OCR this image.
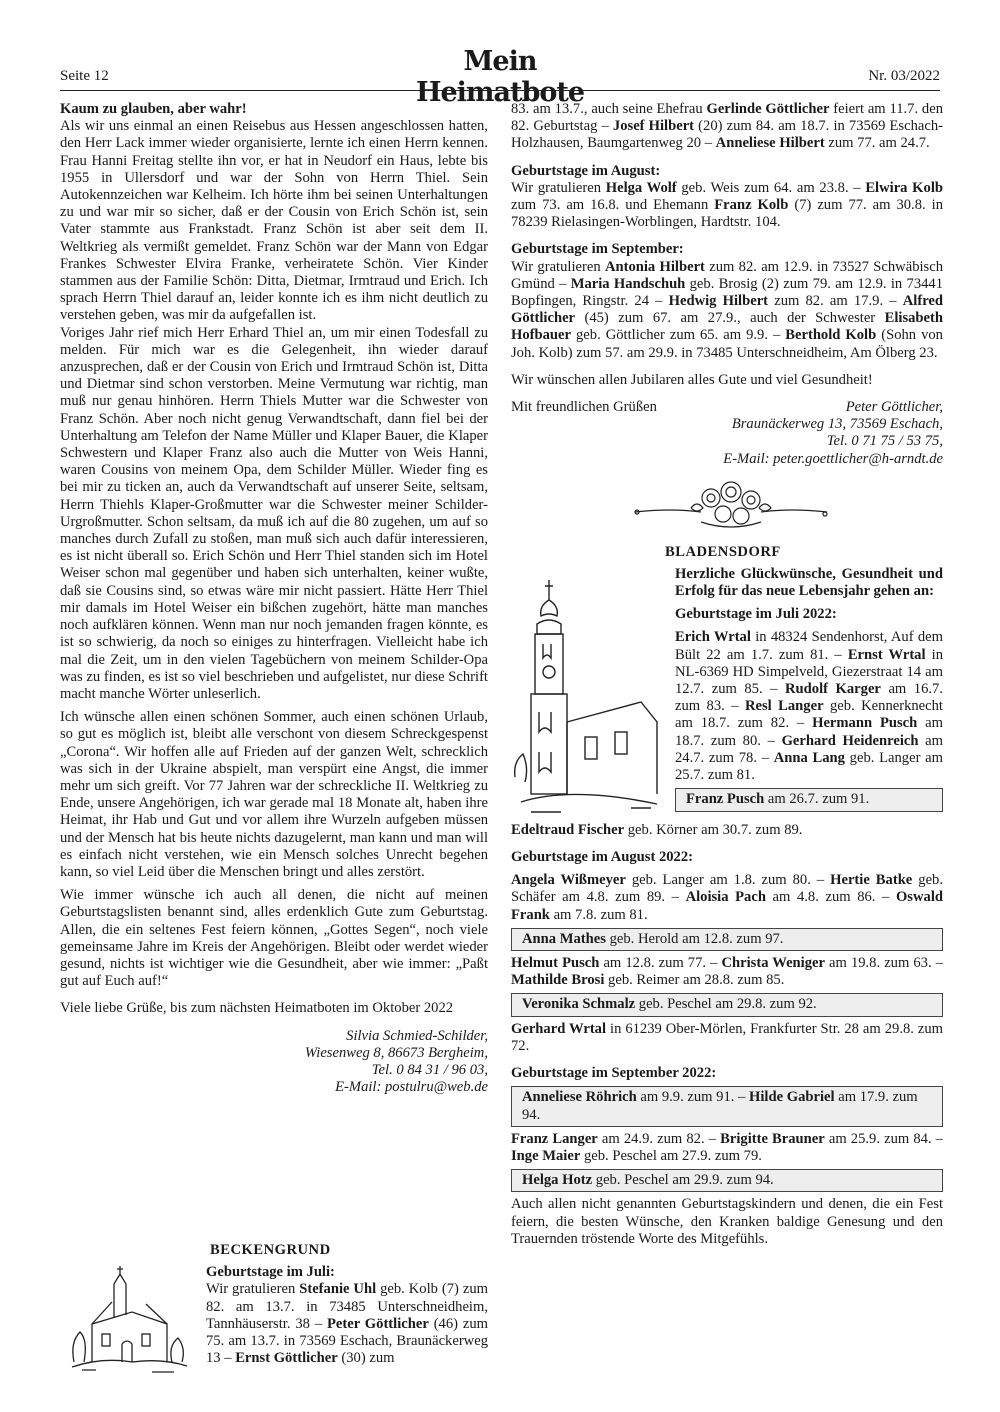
Seite 12	Mein Heimatbote
Nr. 03/2022
Kaum zu glauben, aber wahr!

Als wir uns einmal an einen Reisebus aus Hessen angeschlossen hatten, den Herr Lack immer wieder organisierte, lernte ich einen Herrn kennen. Frau Hanni Freitag stellte ihn vor, er hat in Neudorf ein Haus, lebte bis 1955 in Ullersdorf und war der Sohn von Herrn Thiel. Sein Autokennzeichen war Kelheim. Ich hörte ihm bei seinen Unterhaltungen zu und war mir so sicher, daß er der Cousin von Erich Schön ist, sein Vater stammte aus Frankstadt. Franz Schön ist aber seit dem II. Weltkrieg als vermißt gemeldet. Franz Schön war der Mann von Edgar Frankes Schwester Elvira Franke, verheiratete Schön. Vier Kinder stammen aus der Familie Schön: Ditta, Dietmar, Irmtraud und Erich. Ich sprach Herrn Thiel darauf an, leider konnte ich es ihm nicht deutlich zu verstehen geben, was mir da aufgefallen ist.

Voriges Jahr rief mich Herr Erhard Thiel an, um mir einen Todesfall zu melden. Für mich war es die Gelegenheit, ihn wieder darauf anzusprechen, daß er der Cousin von Erich und Irmtraud Schön ist, Ditta und Dietmar sind schon verstorben. Meine Vermutung war richtig, man muß nur genau hinhören. Herrn Thiels Mutter war die Schwester von Franz Schön. Aber noch nicht genug Verwandtschaft, dann fiel bei der Unterhaltung am Telefon der Name Müller und Klaper Bauer, die Klaper Schwestern und Klaper Franz also auch die Mutter von Weis Hanni, waren Cousins von meinem Opa, dem Schilder Müller. Wieder fing es bei mir zu ticken an, auch da Verwandtschaft auf unserer Seite, seltsam, Herrn Thiehls Klaper-Großmutter war die Schwester meiner Schilder-Urgroßmutter. Schon seltsam, da muß ich auf die 80 zugehen, um auf so manches durch Zufall zu stoßen, man muß sich auch dafür interessieren, es ist nicht überall so. Erich Schön und Herr Thiel standen sich im Hotel Weiser schon mal gegenüber und haben sich unterhalten, keiner wußte, daß sie Cousins sind, so etwas wäre mir nicht passiert. Hätte Herr Thiel mir damals im Hotel Weiser ein bißchen zugehört, hätte man manches noch aufklären können. Wenn man nur noch jemanden fragen könnte, es ist so schwierig, da noch so einiges zu hinterfragen. Vielleicht habe ich mal die Zeit, um in den vielen Tagebüchern von meinem Schilder-Opa was zu finden, es ist so viel beschrieben und aufgelistet, nur diese Schrift macht manche Wörter unleserlich.

Ich wünsche allen einen schönen Sommer, auch einen schönen Urlaub, so gut es möglich ist, bleibt alle verschont von diesem Schreckgespenst „Corona“. Wir hoffen alle auf Frieden auf der ganzen Welt, schrecklich was sich in der Ukraine abspielt, man verspürt eine Angst, die immer mehr um sich greift. Vor 77 Jahren war der schreckliche II. Weltkrieg zu Ende, unsere Angehörigen, ich war gerade mal 18 Monate alt, haben ihre Heimat, ihr Hab und Gut und vor allem ihre Wurzeln aufgeben müssen und der Mensch hat bis heute nichts dazugelernt, man kann und man will es einfach nicht verstehen, wie ein Mensch solches Unrecht begehen kann, so viel Leid über die Menschen bringt und alles zerstört.

Wie immer wünsche ich auch all denen, die nicht auf meinen Geburtstagslisten benannt sind, alles erdenklich Gute zum Geburtstag. Allen, die ein seltenes Fest feiern können, „Gottes Segen“, noch viele gemeinsame Jahre im Kreis der Angehörigen. Bleibt oder werdet wieder gesund, nichts ist wichtiger wie die Gesundheit, aber wie immer: „Paßt gut auf Euch auf!“

Viele liebe Grüße, bis zum nächsten Heimatboten im Oktober 2022

Silvia Schmied-Schilder,
Wiesenweg 8, 86673 Bergheim,
Tel. 0 84 31 / 96 03,
E-Mail: postulru@web.de
BECKENGRUND
Geburtstage im Juli:

Wir gratulieren Stefanie Uhl geb. Kolb (7) zum 82. am 13.7. in 73485 Unterschneidheim, Tannhäuserstr. 38 – Peter Göttlicher (46) zum 75. am 13.7. in 73569 Eschach, Braunäckerweg 13 – Ernst Göttlicher (30) zum

83. am 13.7., auch seine Ehefrau Gerlinde Göttlicher feiert am 11.7. den 82. Geburtstag – Josef Hilbert (20) zum 84. am 18.7. in 73569 Eschach-Holzhausen, Baumgartenweg 20 – Anneliese Hilbert zum 77. am 24.7.

Geburtstage im August:

Wir gratulieren Helga Wolf geb. Weis zum 64. am 23.8. – Elwira Kolb zum 73. am 16.8. und Ehemann Franz Kolb (7) zum 77. am 30.8. in 78239 Rielasingen-Worblingen, Hardtstr. 104.

Geburtstage im September:

Wir gratulieren Antonia Hilbert zum 82. am 12.9. in 73527 Schwäbisch Gmünd – Maria Handschuh geb. Brosig (2) zum 79. am 12.9. in 73441 Bopfingen, Ringstr. 24 – Hedwig Hilbert zum 82. am 17.9. – Alfred Göttlicher (45) zum 67. am 27.9., auch der Schwester Elisabeth Hofbauer geb. Göttlicher zum 65. am 9.9. – Berthold Kolb (Sohn von Joh. Kolb) zum 57. am 29.9. in 73485 Unterschneidheim, Am Ölberg 23.

Wir wünschen allen Jubilaren alles Gute und viel Gesundheit!

Mit freundlichen Grüßen	Peter Göttlicher,
Braunäckerweg 13, 73569 Eschach,
Tel. 0 71 75 / 53 75,
E-Mail: peter.goettlicher@h-arndt.de
BLADENSDORF
Herzliche Glückwünsche, Gesundheit und Erfolg für das neue Lebensjahr gehen an:
Geburtstage im Juli 2022:

Erich Wrtal in 48324 Sendenhorst, Auf dem Bült 22 am 1.7. zum 81. – Ernst Wrtal in NL-6369 HD Simpelveld, Giezerstraat 14 am 12.7. zum 85. – Rudolf Karger am 16.7. zum 83. – Resl Langer geb. Kennerknecht am 18.7. zum 82. – Hermann Pusch am 18.7. zum 80. – Gerhard Heidenreich am 24.7. zum 78. – Anna Lang geb. Langer am 25.7. zum 81.

Franz Pusch am 26.7. zum 91.

Edeltraud Fischer geb. Körner am 30.7. zum 89.

Geburtstage im August 2022:

Angela Wißmeyer geb. Langer am 1.8. zum 80. – Hertie Batke geb. Schäfer am 4.8. zum 89. – Aloisia Pach am 4.8. zum 86. – Oswald Frank am 7.8. zum 81.

Anna Mathes geb. Herold am 12.8. zum 97.

Helmut Pusch am 12.8. zum 77. – Christa Weniger am 19.8. zum 63. – Mathilde Brosi geb. Reimer am 28.8. zum 85.

Veronika Schmalz geb. Peschel am 29.8. zum 92.

Gerhard Wrtal in 61239 Ober-Mörlen, Frankfurter Str. 28 am 29.8. zum 72.

Geburtstage im September 2022:
Anneliese Röhrich am 9.9. zum 91. – Hilde Gabriel am 17.9. zum 94.

Franz Langer am 24.9. zum 82. – Brigitte Brauner am 25.9. zum 84. – Inge Maier geb. Peschel am 27.9. zum 79.

Helga Hotz geb. Peschel am 29.9. zum 94.

Auch allen nicht genannten Geburtstagskindern und denen, die ein Fest feiern, die besten Wünsche, den Kranken baldige Genesung und den Trauernden tröstende Worte des Mitgefühls.
